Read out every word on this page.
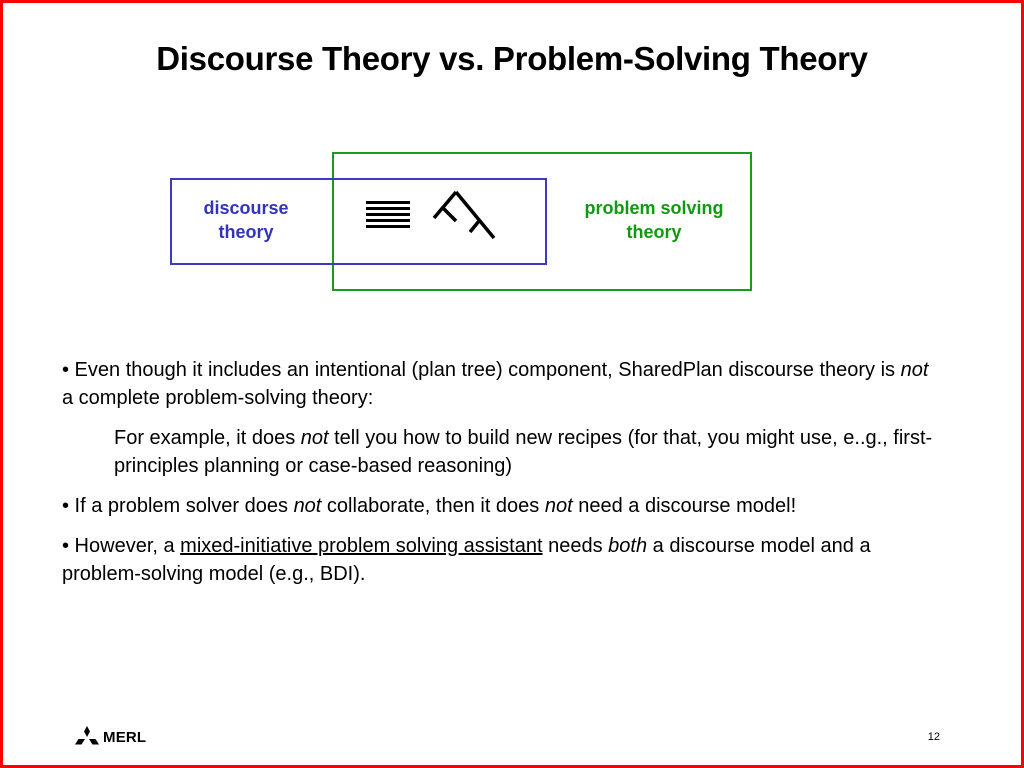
Discourse Theory vs. Problem-Solving Theory
discourse theory
problem solving theory

• Even though it includes an intentional (plan tree) component, SharedPlan discourse theory is not a complete problem-solving theory:

For example, it does not tell you how to build new recipes (for that, you might use, e..g., first-principles planning or case-based reasoning)

• If a problem solver does not collaborate, then it does not need a discourse model!

• However, a mixed-initiative problem solving assistant needs both a discourse model and a problem-solving model (e.g., BDI).

MERL	12
